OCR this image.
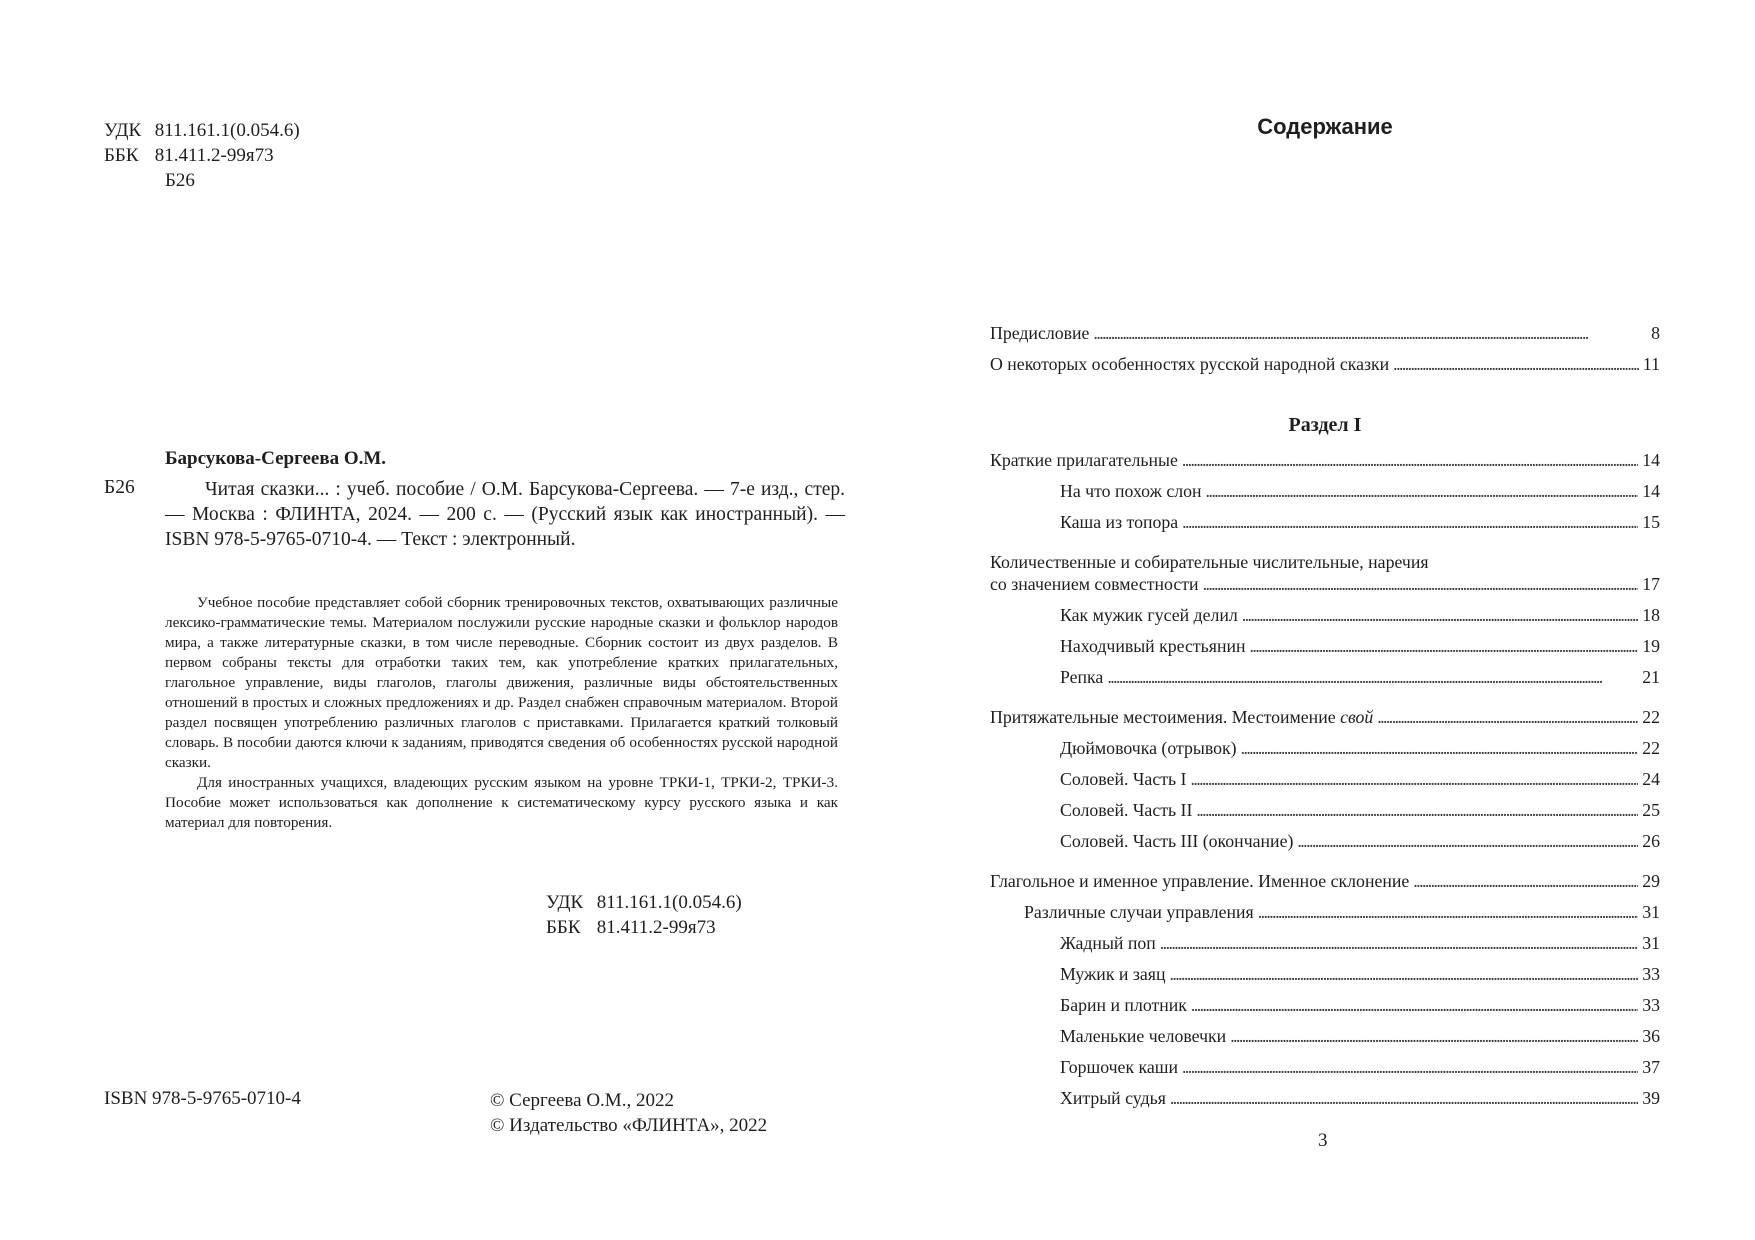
УДК 811.161.1(0.054.6)
ББК 81.411.2-99я73
Б26
Барсукова-Сергеева О.М.
Б26	Читая сказки... : учеб. пособие / О.М. Барсукова-Сергеева. — 7-е изд., стер. — Москва : ФЛИНТА, 2024. — 200 с. — (Русский язык как иностранный). — ISBN 978-5-9765-0710-4. — Текст : электронный.

Учебное пособие представляет собой сборник тренировочных текстов, охватывающих различные лексико-грамматические темы. Материалом послужили русские народные сказки и фольклор народов мира, а также литературные сказки, в том числе переводные. Сборник состоит из двух разделов. В первом собраны тексты для отработки таких тем, как употребление кратких прилагательных, глагольное управление, виды глаголов, глаголы движения, различные виды обстоятельственных отношений в простых и сложных предложениях и др. Раздел снабжен справочным материалом. Второй раздел посвящен употреблению различных глаголов с приставками. Прилагается краткий толковый словарь. В пособии даются ключи к заданиям, приводятся сведения об особенностях русской народной сказки.

Для иностранных учащихся, владеющих русским языком на уровне ТРКИ-1, ТРКИ-2, ТРКИ-3. Пособие может использоваться как дополнение к систематическому курсу русского языка и как материал для повторения.

УДК 811.161.1(0.054.6)
ББК 81.411.2-99я73
ISBN 978-5-9765-0710-4	© Сергеева О.М., 2022
© Издательство «ФЛИНТА», 2022
Содержание
Предисловие . . .	8
О некоторых особенностях русской народной сказки . . .	11
Раздел I
Краткие прилагательные . . .	14
На что похож слон . . .	14
Каша из топора . . .	15
Количественные и собирательные числительные, наречия
со значением совместности . . .	17
Как мужик гусей делил . . .	18
Находчивый крестьянин . . .	19
Репка . . .	21
Притяжательные местоимения. Местоимение свой . . .	22
Дюймовочка (отрывок) . . .	22
Соловей. Часть I . . .	24
Соловей. Часть II . . .	25
Соловей. Часть III (окончание) . . .	26
Глагольное и именное управление. Именное склонение . . .	29
Различные случаи управления . . .	31
Жадный поп . . .	31
Мужик и заяц . . .	33
Барин и плотник . . .	33
Маленькие человечки . . .	36
Горшочек каши . . .	37
Хитрый судья . . .	39
3
